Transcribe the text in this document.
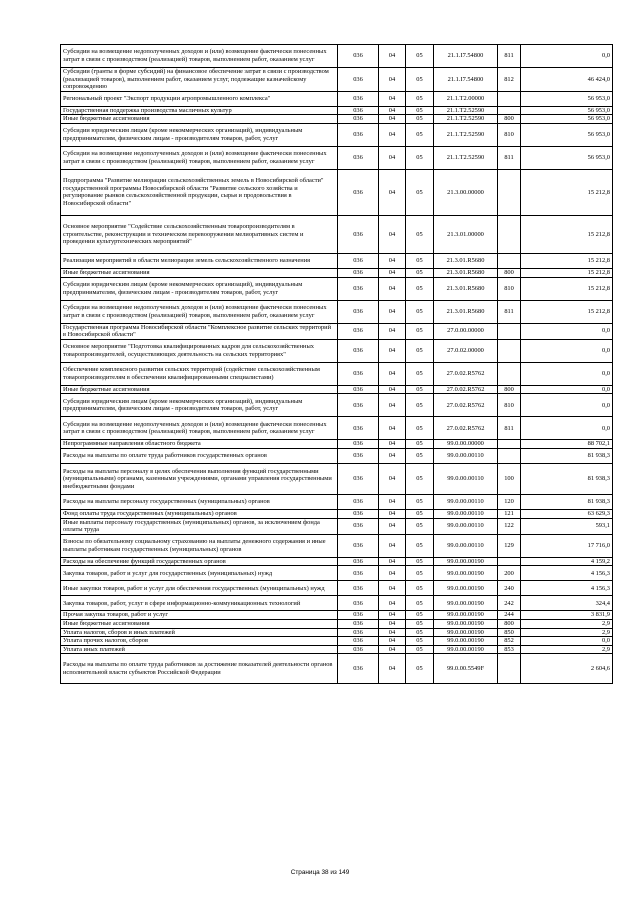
Субсидии на возмещение недополученных доходов и (или) возмещение фактически понесенных затрат в связи с производством (реализацией) товаров, выполнением работ, оказанием услуг	036	04	05	21.1.I7.54800	811	0,0
Субсидии (гранты в форме субсидий) на финансовое обеспечение затрат в связи с производством (реализацией товаров), выполнением работ, оказанием услуг, подлежащие казначейскому сопровождению	036	04	05	21.1.I7.54800	812	46 424,0
Региональный проект "Экспорт продукции агропромышленного комплекса"	036	04	05	21.1.T2.00000		56 953,0
Государственная поддержка производства масличных культур	036	04	05	21.1.T2.52590		56 953,0
Иные бюджетные ассигнования	036	04	05	21.1.T2.52590	800	56 953,0
Субсидии юридическим лицам (кроме некоммерческих организаций), индивидуальным предпринимателям, физическим лицам - производителям товаров, работ, услуг	036	04	05	21.1.T2.52590	810	56 953,0
Субсидии на возмещение недополученных доходов и (или) возмещение фактически понесенных затрат в связи с производством (реализацией) товаров, выполнением работ, оказанием услуг	036	04	05	21.1.T2.52590	811	56 953,0
Подпрограмма "Развитие мелиорации сельскохозяйственных земель в Новосибирской области" государственной программы Новосибирской области "Развитие сельского хозяйства и регулирование рынков сельскохозяйственной продукции, сырья и продовольствия в Новосибирской области"	036	04	05	21.3.00.00000		15 212,8
Основное мероприятие "Содействие сельскохозяйственным товаропроизводителям в строительстве, реконструкции и техническом перевооружении мелиоративных систем и проведении культуртехнических мероприятий"	036	04	05	21.3.01.00000		15 212,8
Реализация мероприятий в области мелиорации земель сельскохозяйственного назначения	036	04	05	21.3.01.R5680		15 212,8
Иные бюджетные ассигнования	036	04	05	21.3.01.R5680	800	15 212,8
Субсидии юридическим лицам (кроме некоммерческих организаций), индивидуальным предпринимателям, физическим лицам - производителям товаров, работ, услуг	036	04	05	21.3.01.R5680	810	15 212,8
Субсидии на возмещение недополученных доходов и (или) возмещение фактически понесенных затрат в связи с производством (реализацией) товаров, выполнением работ, оказанием услуг	036	04	05	21.3.01.R5680	811	15 212,8
Государственная программа Новосибирской области "Комплексное развитие сельских территорий в Новосибирской области"	036	04	05	27.0.00.00000		0,0
Основное мероприятие "Подготовка квалифицированных кадров для сельскохозяйственных товаропроизводителей, осуществляющих деятельность на сельских территориях"	036	04	05	27.0.02.00000		0,0
Обеспечение комплексного развития сельских территорий (содействие сельскохозяйственным товаропроизводителям в обеспечении квалифицированными специалистами)	036	04	05	27.0.02.R5762		0,0
Иные бюджетные ассигнования	036	04	05	27.0.02.R5762	800	0,0
Субсидии юридическим лицам (кроме некоммерческих организаций), индивидуальным предпринимателям, физическим лицам - производителям товаров, работ, услуг	036	04	05	27.0.02.R5762	810	0,0
Субсидии на возмещение недополученных доходов и (или) возмещение фактически понесенных затрат в связи с производством (реализацией) товаров, выполнением работ, оказанием услуг	036	04	05	27.0.02.R5762	811	0,0
Непрограммные направления областного бюджета	036	04	05	99.0.00.00000		88 702,1
Расходы на выплаты по оплате труда работников государственных органов	036	04	05	99.0.00.00110		81 938,3
Расходы на выплаты персоналу в целях обеспечения выполнения функций государственными (муниципальными) органами, казенными учреждениями, органами управления государственными внебюджетными фондами	036	04	05	99.0.00.00110	100	81 938,3
Расходы на выплаты персоналу государственных (муниципальных) органов	036	04	05	99.0.00.00110	120	81 938,3
Фонд оплаты труда государственных (муниципальных) органов	036	04	05	99.0.00.00110	121	63 629,3
Иные выплаты персоналу государственных (муниципальных) органов, за исключением фонда оплаты труда	036	04	05	99.0.00.00110	122	593,1
Взносы по обязательному социальному страхованию на выплаты денежного содержания и иные выплаты работникам государственных (муниципальных) органов	036	04	05	99.0.00.00110	129	17 716,0
Расходы на обеспечение функций государственных органов	036	04	05	99.0.00.00190		4 159,2
Закупка товаров, работ и услуг для государственных (муниципальных) нужд	036	04	05	99.0.00.00190	200	4 156,3
Иные закупки товаров, работ и услуг для обеспечения государственных (муниципальных) нужд	036	04	05	99.0.00.00190	240	4 156,3
Закупка товаров, работ, услуг в сфере информационно-коммуникационных технологий	036	04	05	99.0.00.00190	242	324,4
Прочая закупка товаров, работ и услуг	036	04	05	99.0.00.00190	244	3 831,9
Иные бюджетные ассигнования	036	04	05	99.0.00.00190	800	2,9
Уплата налогов, сборов и иных платежей	036	04	05	99.0.00.00190	850	2,9
Уплата прочих налогов, сборов	036	04	05	99.0.00.00190	852	0,0
Уплата иных платежей	036	04	05	99.0.00.00190	853	2,9
Расходы на выплаты по оплате труда работников за достижение показателей деятельности органов исполнительной власти субъектов Российской Федерации	036	04	05	99.0.00.5549F		2 604,6
Страница 38 из 149
